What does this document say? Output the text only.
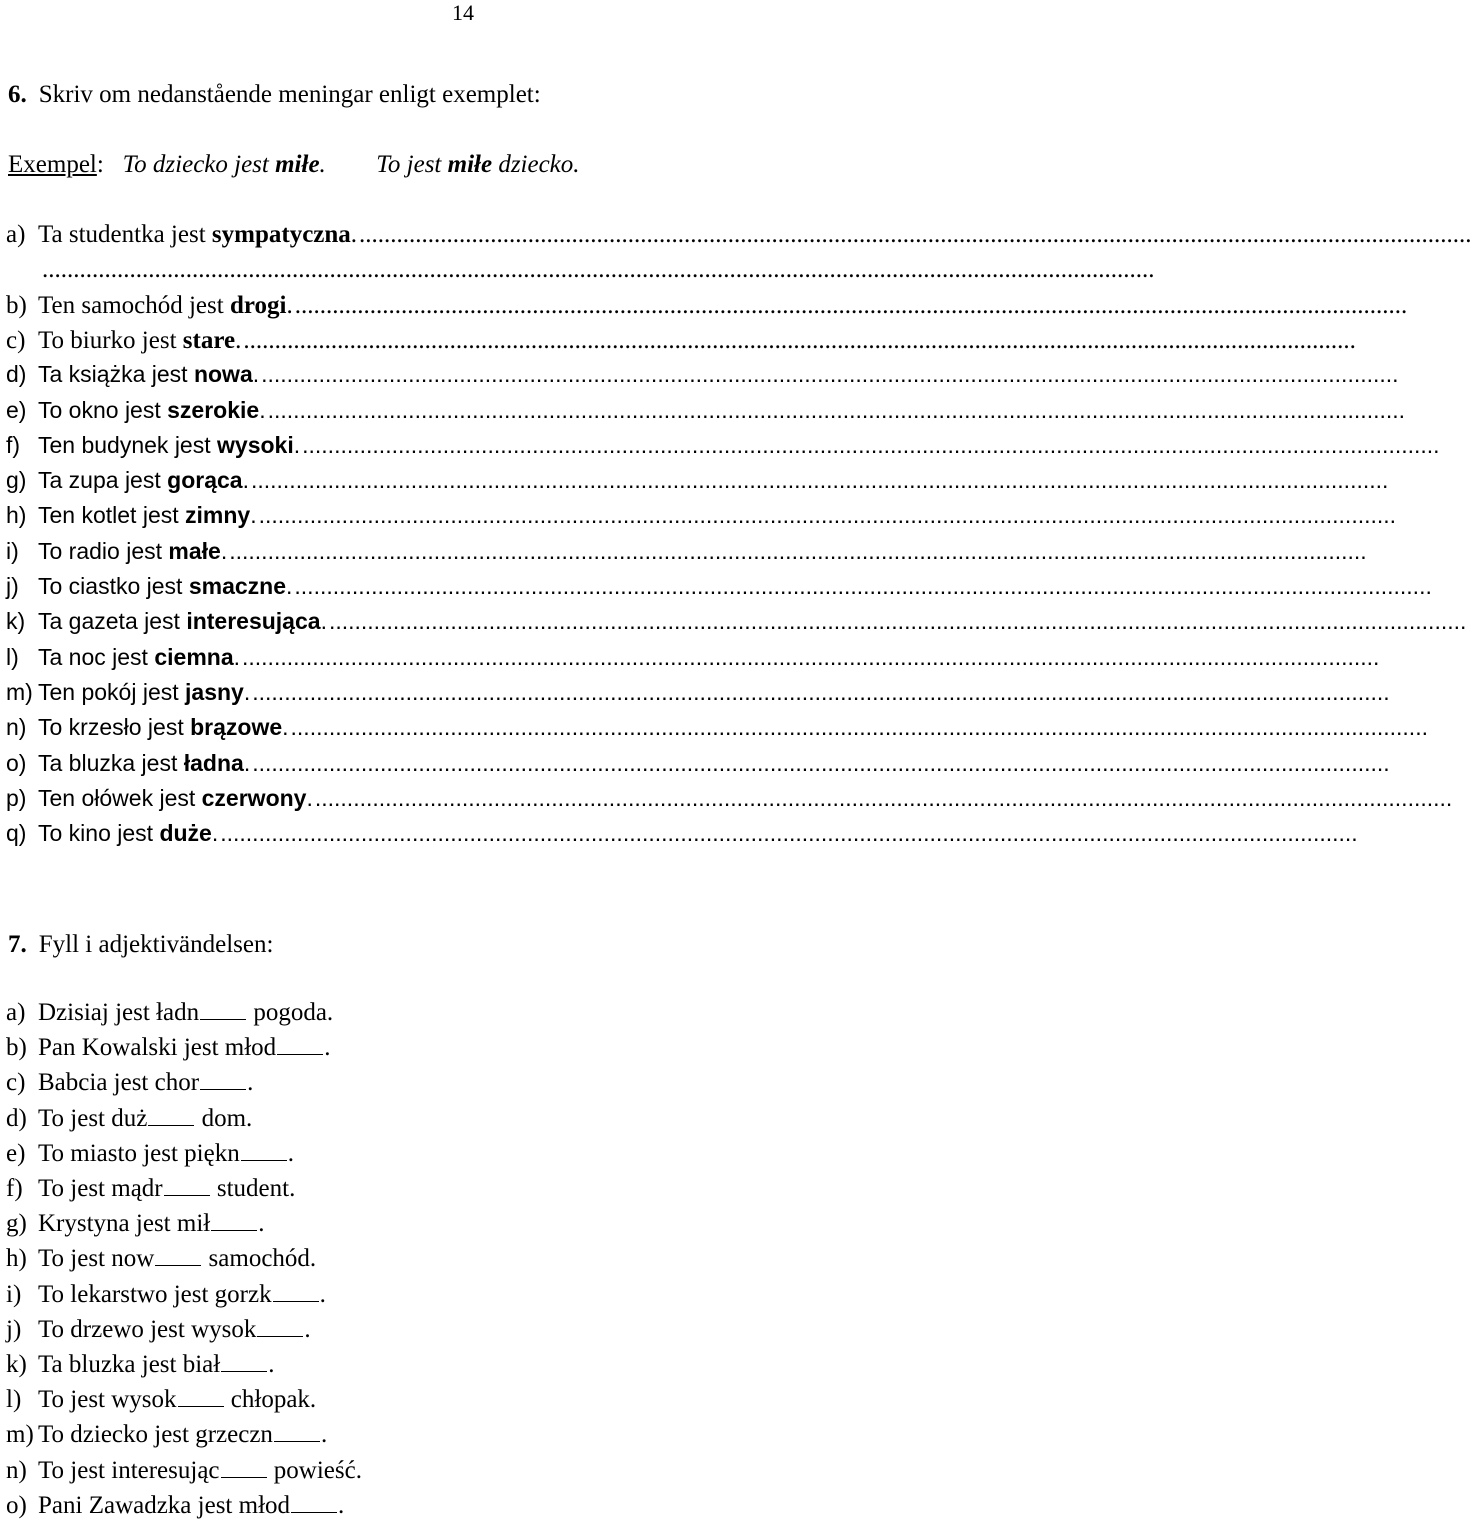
14
6. Skriv om nedanstående meningar enligt exemplet:
Exempel:   To dziecko jest miłe. To jest miłe dziecko.
a) Ta studentka jest sympatyczna. ..................................................................................................................................................................................
..................................................................................................................................................................................
b) Ten samochód jest drogi. ..................................................................................................................................................................................
c) To biurko jest stare. ..................................................................................................................................................................................
d) Ta książka jest nowa. ..................................................................................................................................................................................
e) To okno jest szerokie. ..................................................................................................................................................................................
f) Ten budynek jest wysoki. ..................................................................................................................................................................................
g) Ta zupa jest gorąca. ..................................................................................................................................................................................
h) Ten kotlet jest zimny. ..................................................................................................................................................................................
i) To radio jest małe. ..................................................................................................................................................................................
j) To ciastko jest smaczne. ..................................................................................................................................................................................
k) Ta gazeta jest interesująca. ..................................................................................................................................................................................
l) Ta noc jest ciemna. ..................................................................................................................................................................................
m) Ten pokój jest jasny. ..................................................................................................................................................................................
n) To krzesło jest brązowe. ..................................................................................................................................................................................
o) Ta bluzka jest ładna. ..................................................................................................................................................................................
p) Ten ołówek jest czerwony. ..................................................................................................................................................................................
q) To kino jest duże. ..................................................................................................................................................................................
7. Fyll i adjektivändelsen:
a) Dzisiaj jest ładn pogoda.
b) Pan Kowalski jest młod .
c) Babcia jest chor .
d) To jest duż dom.
e) To miasto jest piękn .
f) To jest mądr student.
g) Krystyna jest mił .
h) To jest now samochód.
i) To lekarstwo jest gorzk .
j) To drzewo jest wysok .
k) Ta bluzka jest biał .
l) To jest wysok chłopak.
m) To dziecko jest grzeczn .
n) To jest interesując powieść.
o) Pani Zawadzka jest młod .
